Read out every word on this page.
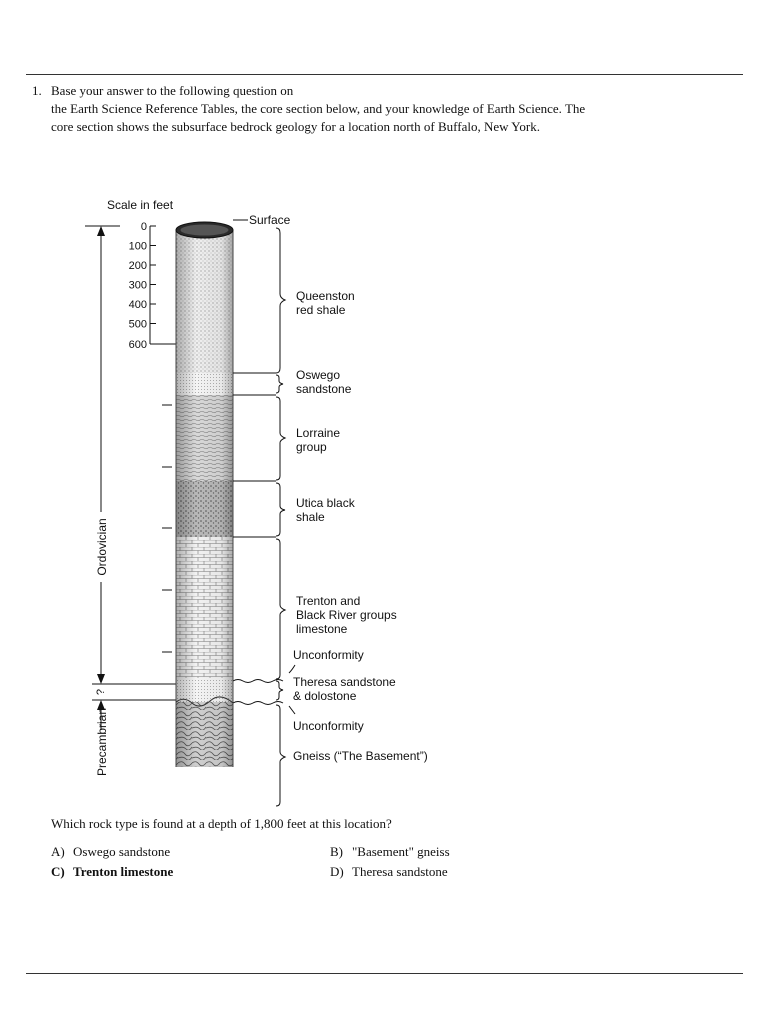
1. Base your answer to the following question on
the Earth Science Reference Tables, the core section below, and your knowledge of Earth Science. The
core section shows the subsurface bedrock geology for a location north of Buffalo, New York.
Scale in feet
0
100
200
300
400
500
600
Ordovician
?
Precambrian
Surface
Queenston red shale
Oswego sandstone
Lorraine group
Utica black shale
Trenton and Black River groups limestone
Unconformity
Theresa sandstone & dolostone
Unconformity
Gneiss (“The Basement”)
Which rock type is found at a depth of 1,800 feet at this location?
A) Oswego sandstone	B) "Basement" gneiss
C) Trenton limestone	D) Theresa sandstone
